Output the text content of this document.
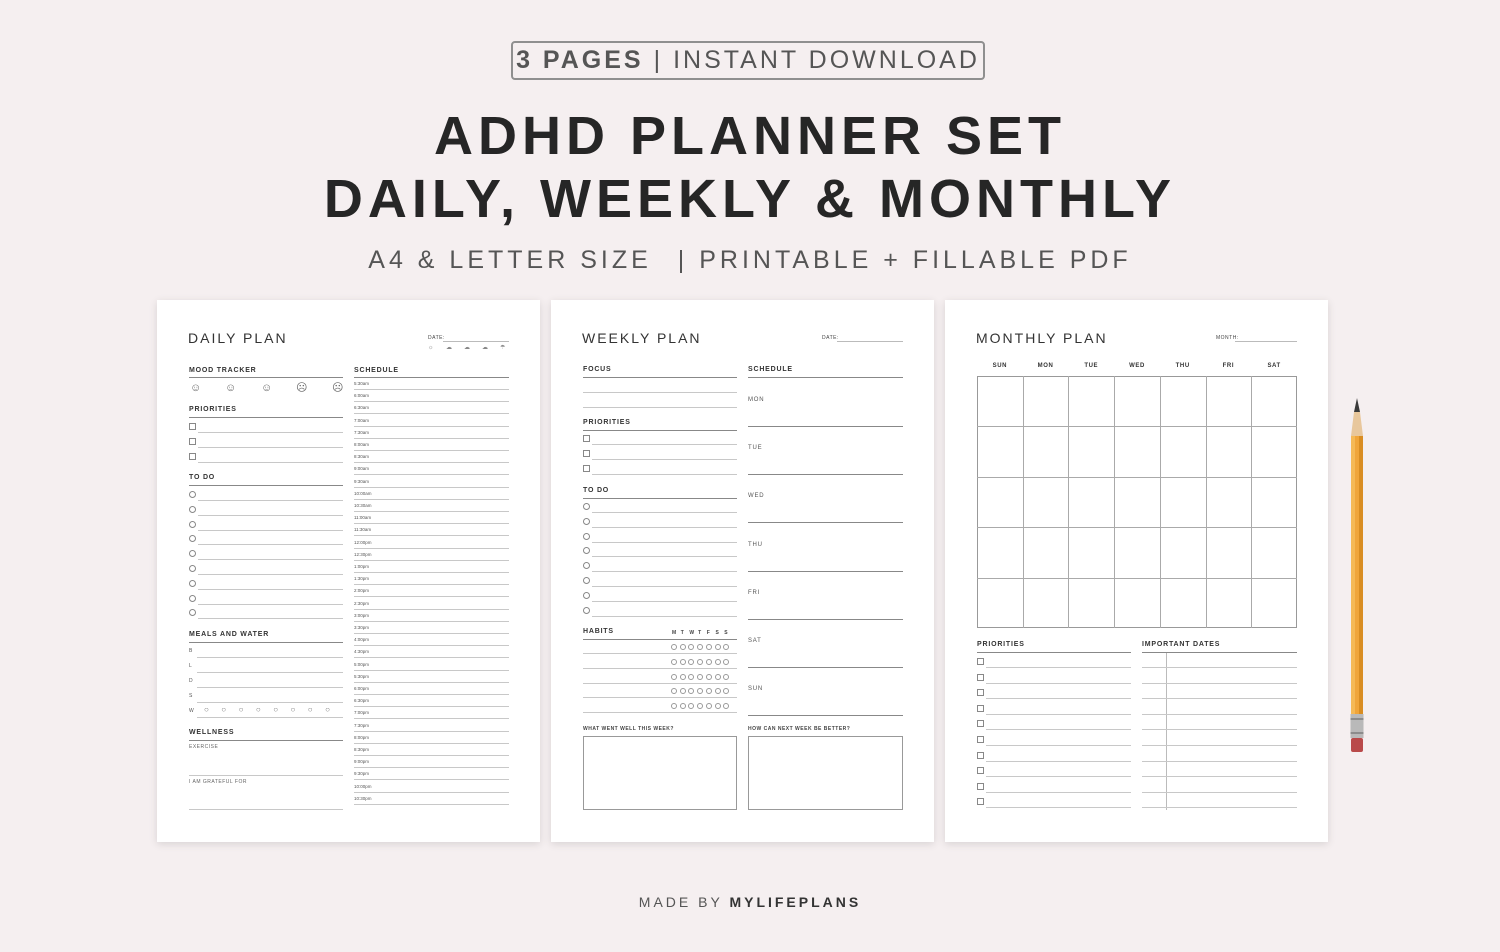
3 PAGES | INSTANT DOWNLOAD
ADHD PLANNER SET
DAILY, WEEKLY & MONTHLY
A4 & LETTER SIZE | PRINTABLE + FILLABLE PDF
DAILY PLAN	DATE:
☼ ☁ ☁ ☁ ☂
MOOD TRACKER
☺ ☺ ☺ ☹ ☹
PRIORITIES
TO DO
MEALS AND WATER
B
L
D
S
W ○ ○ ○ ○ ○ ○ ○ ○
WELLNESS
EXERCISE
I AM GRATEFUL FOR
SCHEDULE
5:30am
6:00am
6:30am
7:00am
7:30am
8:00am
8:30am
9:00am
9:30am
10:00am
10:30am
11:00am
11:30am
12:00pm
12:30pm
1:00pm
1:30pm
2:00pm
2:30pm
3:00pm
3:30pm
4:00pm
4:30pm
5:00pm
5:30pm
6:00pm
6:30pm
7:00pm
7:30pm
8:00pm
8:30pm
9:00pm
9:30pm
10:00pm
10:30pm
WEEKLY PLAN	DATE:
FOCUS
PRIORITIES
TO DO
HABITS	M T W T F S S
WHAT WENT WELL THIS WEEK?	HOW CAN NEXT WEEK BE BETTER?
SCHEDULE
MON
TUE
WED
THU
FRI
SAT
SUN
MONTHLY PLAN	MONTH:
SUN	MON	TUE	WED	THU	FRI	SAT
PRIORITIES	IMPORTANT DATES
MADE BY MYLIFEPLANS
